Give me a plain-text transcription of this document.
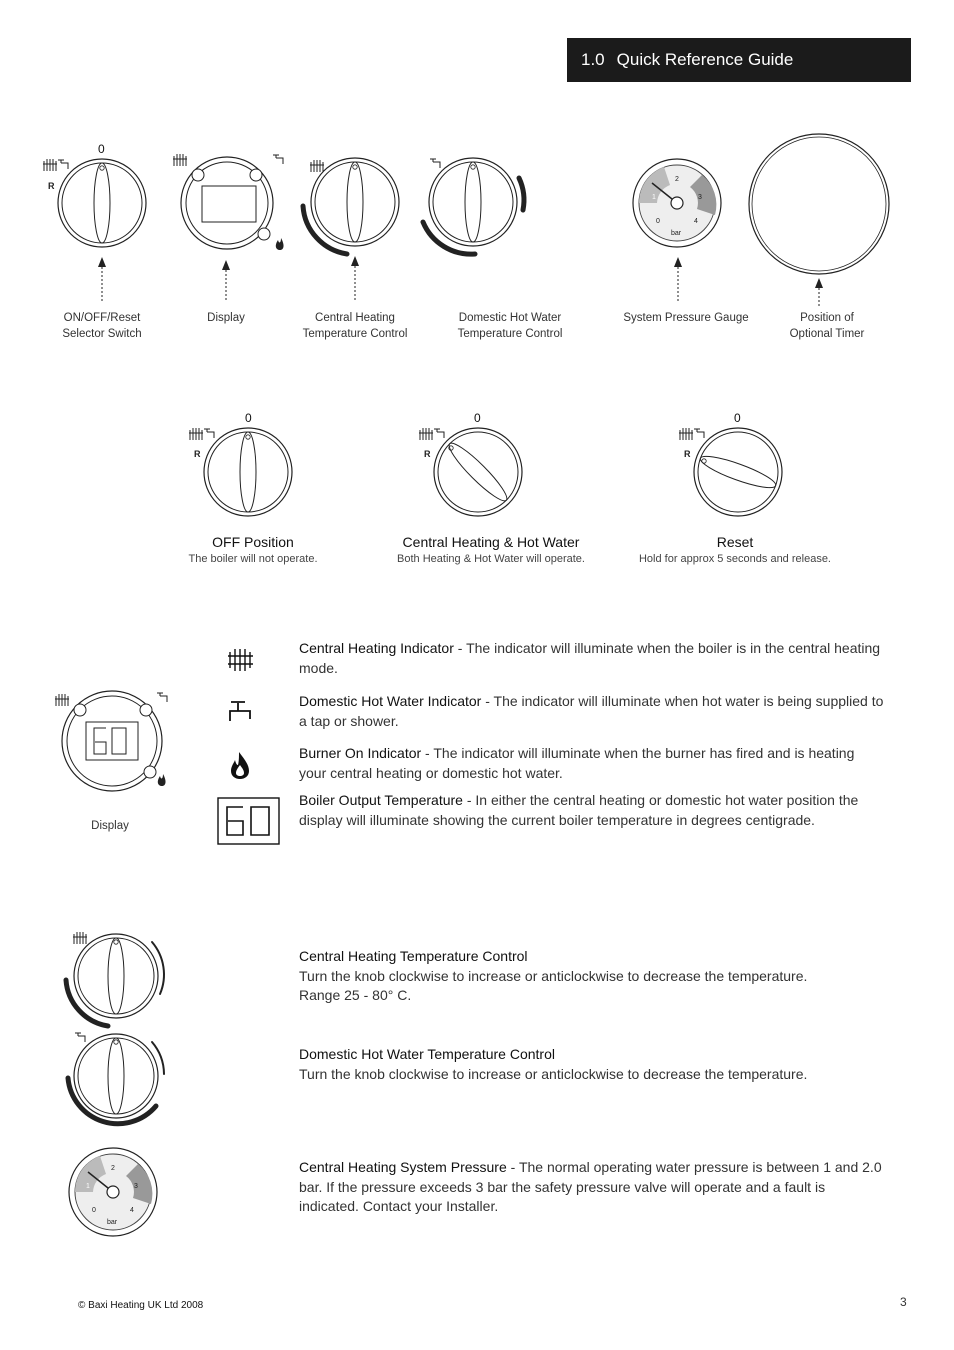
1.0 Quick Reference Guide
0
R
ON/OFF/Reset
Selector Switch
Display	Central Heating
Temperature Control
Domestic Hot Water
Temperature Control
0
1
2
3
4
bar
System Pressure Gauge	Position of
Optional Timer
0
R
OFF Position
The boiler will not operate.
0
R
Central Heating & Hot Water
Both Heating & Hot Water will operate.
0
R
Reset
Hold for approx 5 seconds and release.
Display
Central Heating Indicator - The indicator will illuminate when the boiler is in the central heating mode.
Domestic Hot Water Indicator - The indicator will illuminate when hot water is being supplied to a tap or shower.
Burner On Indicator - The indicator will illuminate when the burner has fired and is heating your central heating or domestic hot water.
Boiler Output Temperature - In either the central heating or domestic hot water position the display will illuminate showing the current boiler temperature in degrees centigrade.
Central Heating Temperature Control
Turn the knob clockwise to increase or anticlockwise to decrease the temperature.
Range 25 - 80° C.
Domestic Hot Water Temperature Control
Turn the knob clockwise to increase or anticlockwise to decrease the temperature.
0
1
2
3
4
bar
Central Heating System Pressure - The normal operating water pressure is between 1 and 2.0 bar. If the pressure exceeds 3 bar the safety pressure valve will operate and a fault is indicated. Contact your Installer.
© Baxi Heating UK Ltd 2008	3
